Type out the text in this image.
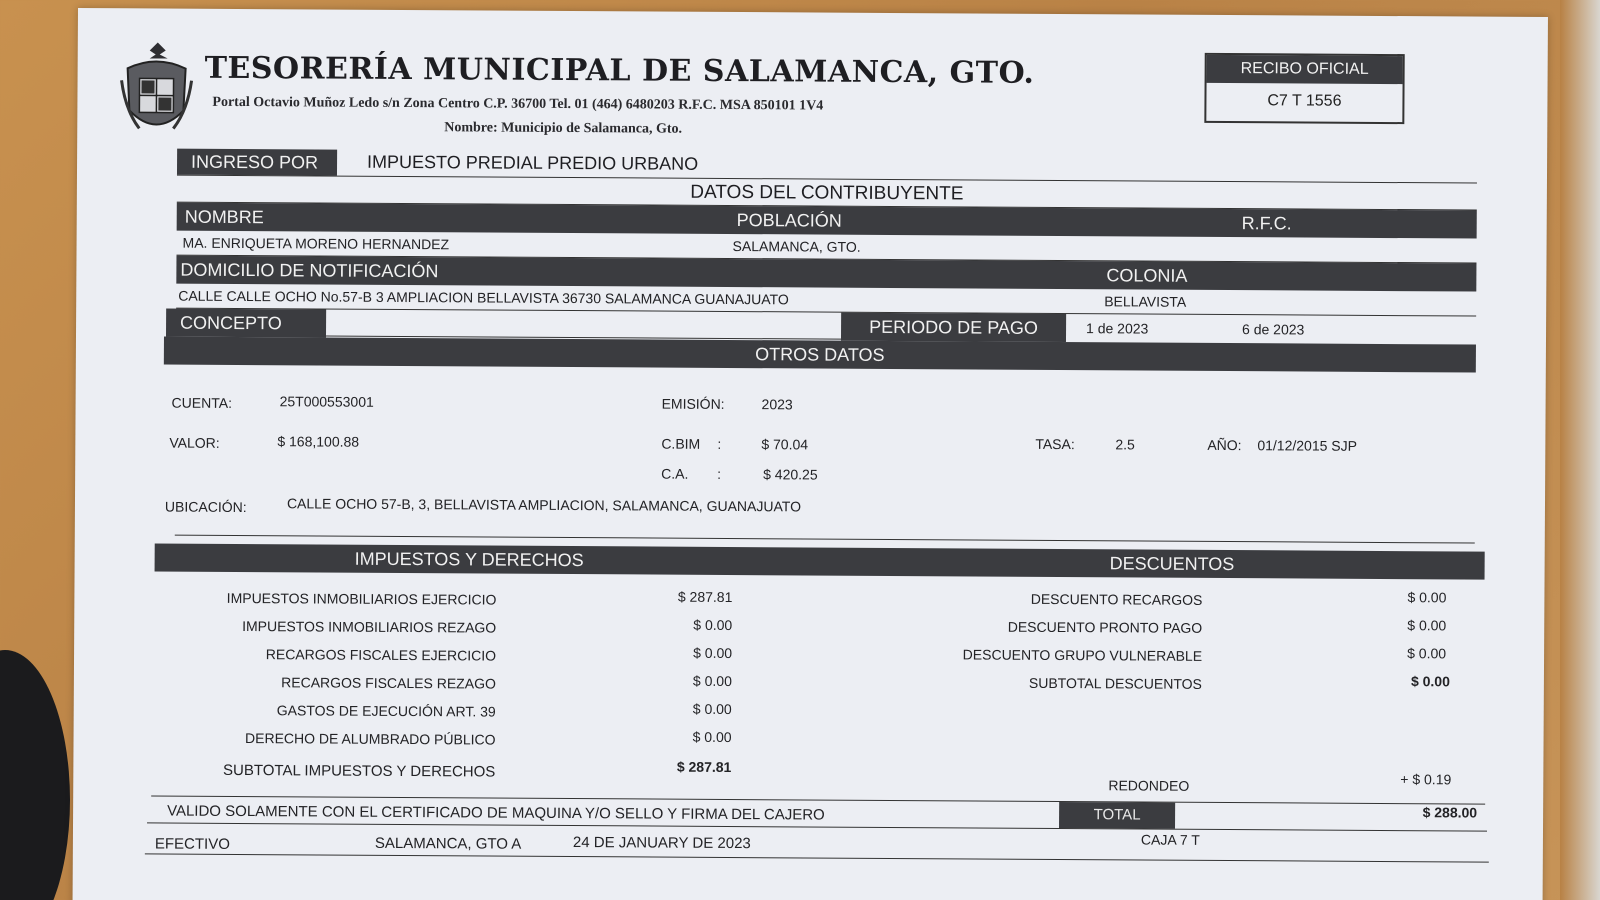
TESORERÍA MUNICIPAL DE SALAMANCA, GTO.
Portal Octavio Muñoz Ledo s/n Zona Centro C.P. 36700 Tel. 01 (464) 6480203 R.F.C. MSA 850101 1V4
Nombre: Municipio de Salamanca, Gto.
RECIBO OFICIAL
C7 T 1556
INGRESO POR	IMPUESTO PREDIAL PREDIO URBANO
DATOS DEL CONTRIBUYENTE
NOMBRE	POBLACIÓN	R.F.C.
MA. ENRIQUETA MORENO HERNANDEZ	SALAMANCA, GTO.
DOMICILIO DE NOTIFICACIÓN	COLONIA
CALLE CALLE OCHO No.57-B 3 AMPLIACION BELLAVISTA 36730 SALAMANCA GUANAJUATO	BELLAVISTA
CONCEPTO	PERIODO DE PAGO	1 de 2023	6 de 2023
OTROS DATOS
CUENTA:	25T000553001	EMISIÓN:	2023
VALOR:	$ 168,100.88	C.BIM :	$ 70.04	TASA:	2.5	AÑO: 01/12/2015 SJP
C.A. :	$ 420.25
UBICACIÓN:	CALLE OCHO 57-B, 3, BELLAVISTA AMPLIACION, SALAMANCA, GUANAJUATO
IMPUESTOS Y DERECHOS	DESCUENTOS
IMPUESTOS INMOBILIARIOS EJERCICIO	$ 287.81
IMPUESTOS INMOBILIARIOS REZAGO	$ 0.00
RECARGOS FISCALES EJERCICIO	$ 0.00
RECARGOS FISCALES REZAGO	$ 0.00
GASTOS DE EJECUCIÓN ART. 39	$ 0.00
DERECHO DE ALUMBRADO PÚBLICO	$ 0.00
SUBTOTAL IMPUESTOS Y DERECHOS	$ 287.81
DESCUENTO RECARGOS	$ 0.00
DESCUENTO PRONTO PAGO	$ 0.00
DESCUENTO GRUPO VULNERABLE	$ 0.00
SUBTOTAL DESCUENTOS	$ 0.00
REDONDEO	+ $ 0.19
VALIDO SOLAMENTE CON EL CERTIFICADO DE MAQUINA Y/O SELLO Y FIRMA DEL CAJERO	TOTAL	$ 288.00
EFECTIVO	SALAMANCA, GTO A	24 DE JANUARY DE 2023	CAJA 7 T
